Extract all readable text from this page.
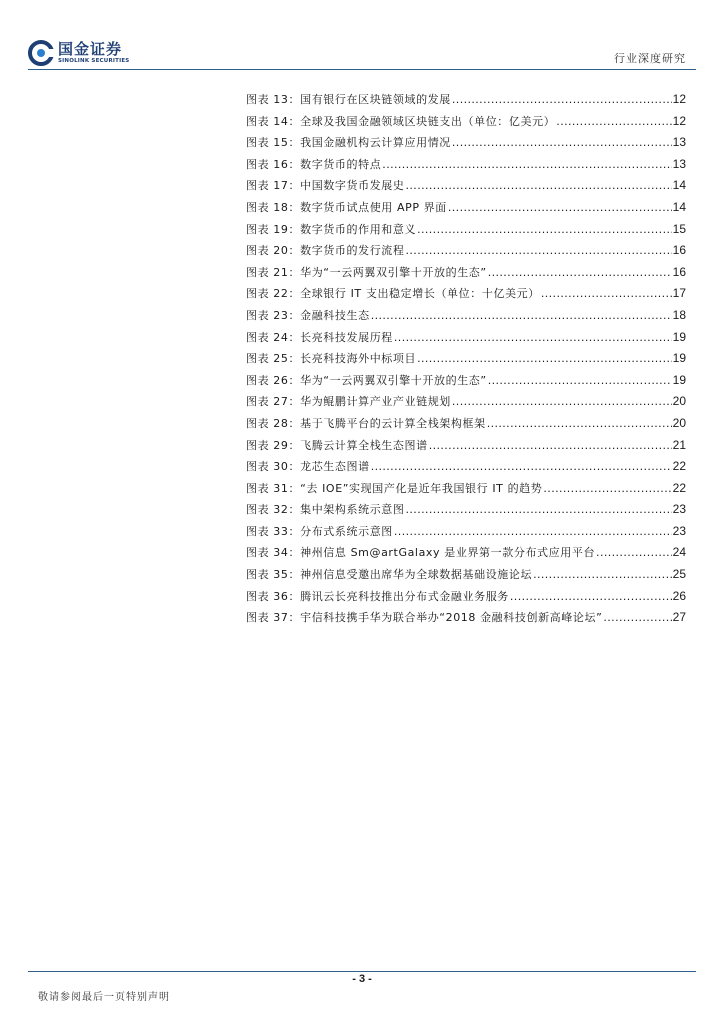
国金证券
SINOLINK SECURITIES	行业深度研究
图表 13：国有银行在区块链领域的发展 .....	12
图表 14：全球及我国金融领域区块链支出（单位：亿美元） .....	12
图表 15：我国金融机构云计算应用情况 .....	13
图表 16：数字货币的特点 .....	13
图表 17：中国数字货币发展史 .....	14
图表 18：数字货币试点使用 APP 界面 .....	14
图表 19：数字货币的作用和意义 .....	15
图表 20：数字货币的发行流程 .....	16
图表 21：华为“一云两翼双引擎十开放的生态” .....	16
图表 22：全球银行 IT 支出稳定增长（单位：十亿美元） .....	17
图表 23：金融科技生态 .....	18
图表 24：长亮科技发展历程 .....	19
图表 25：长亮科技海外中标项目 .....	19
图表 26：华为“一云两翼双引擎十开放的生态” .....	19
图表 27：华为鲲鹏计算产业产业链规划 .....	20
图表 28：基于飞腾平台的云计算全栈架构框架 .....	20
图表 29：飞腾云计算全栈生态图谱 .....	21
图表 30：龙芯生态图谱 .....	22
图表 31：“去 IOE”实现国产化是近年我国银行 IT 的趋势 .....	22
图表 32：集中架构系统示意图 .....	23
图表 33：分布式系统示意图 .....	23
图表 34：神州信息 Sm@artGalaxy 是业界第一款分布式应用平台 .....	24
图表 35：神州信息受邀出席华为全球数据基础设施论坛 .....	25
图表 36：腾讯云长亮科技推出分布式金融业务服务 .....	26
图表 37：宇信科技携手华为联合举办“2018 金融科技创新高峰论坛” .....	27
- 3 -
敬请参阅最后一页特别声明
